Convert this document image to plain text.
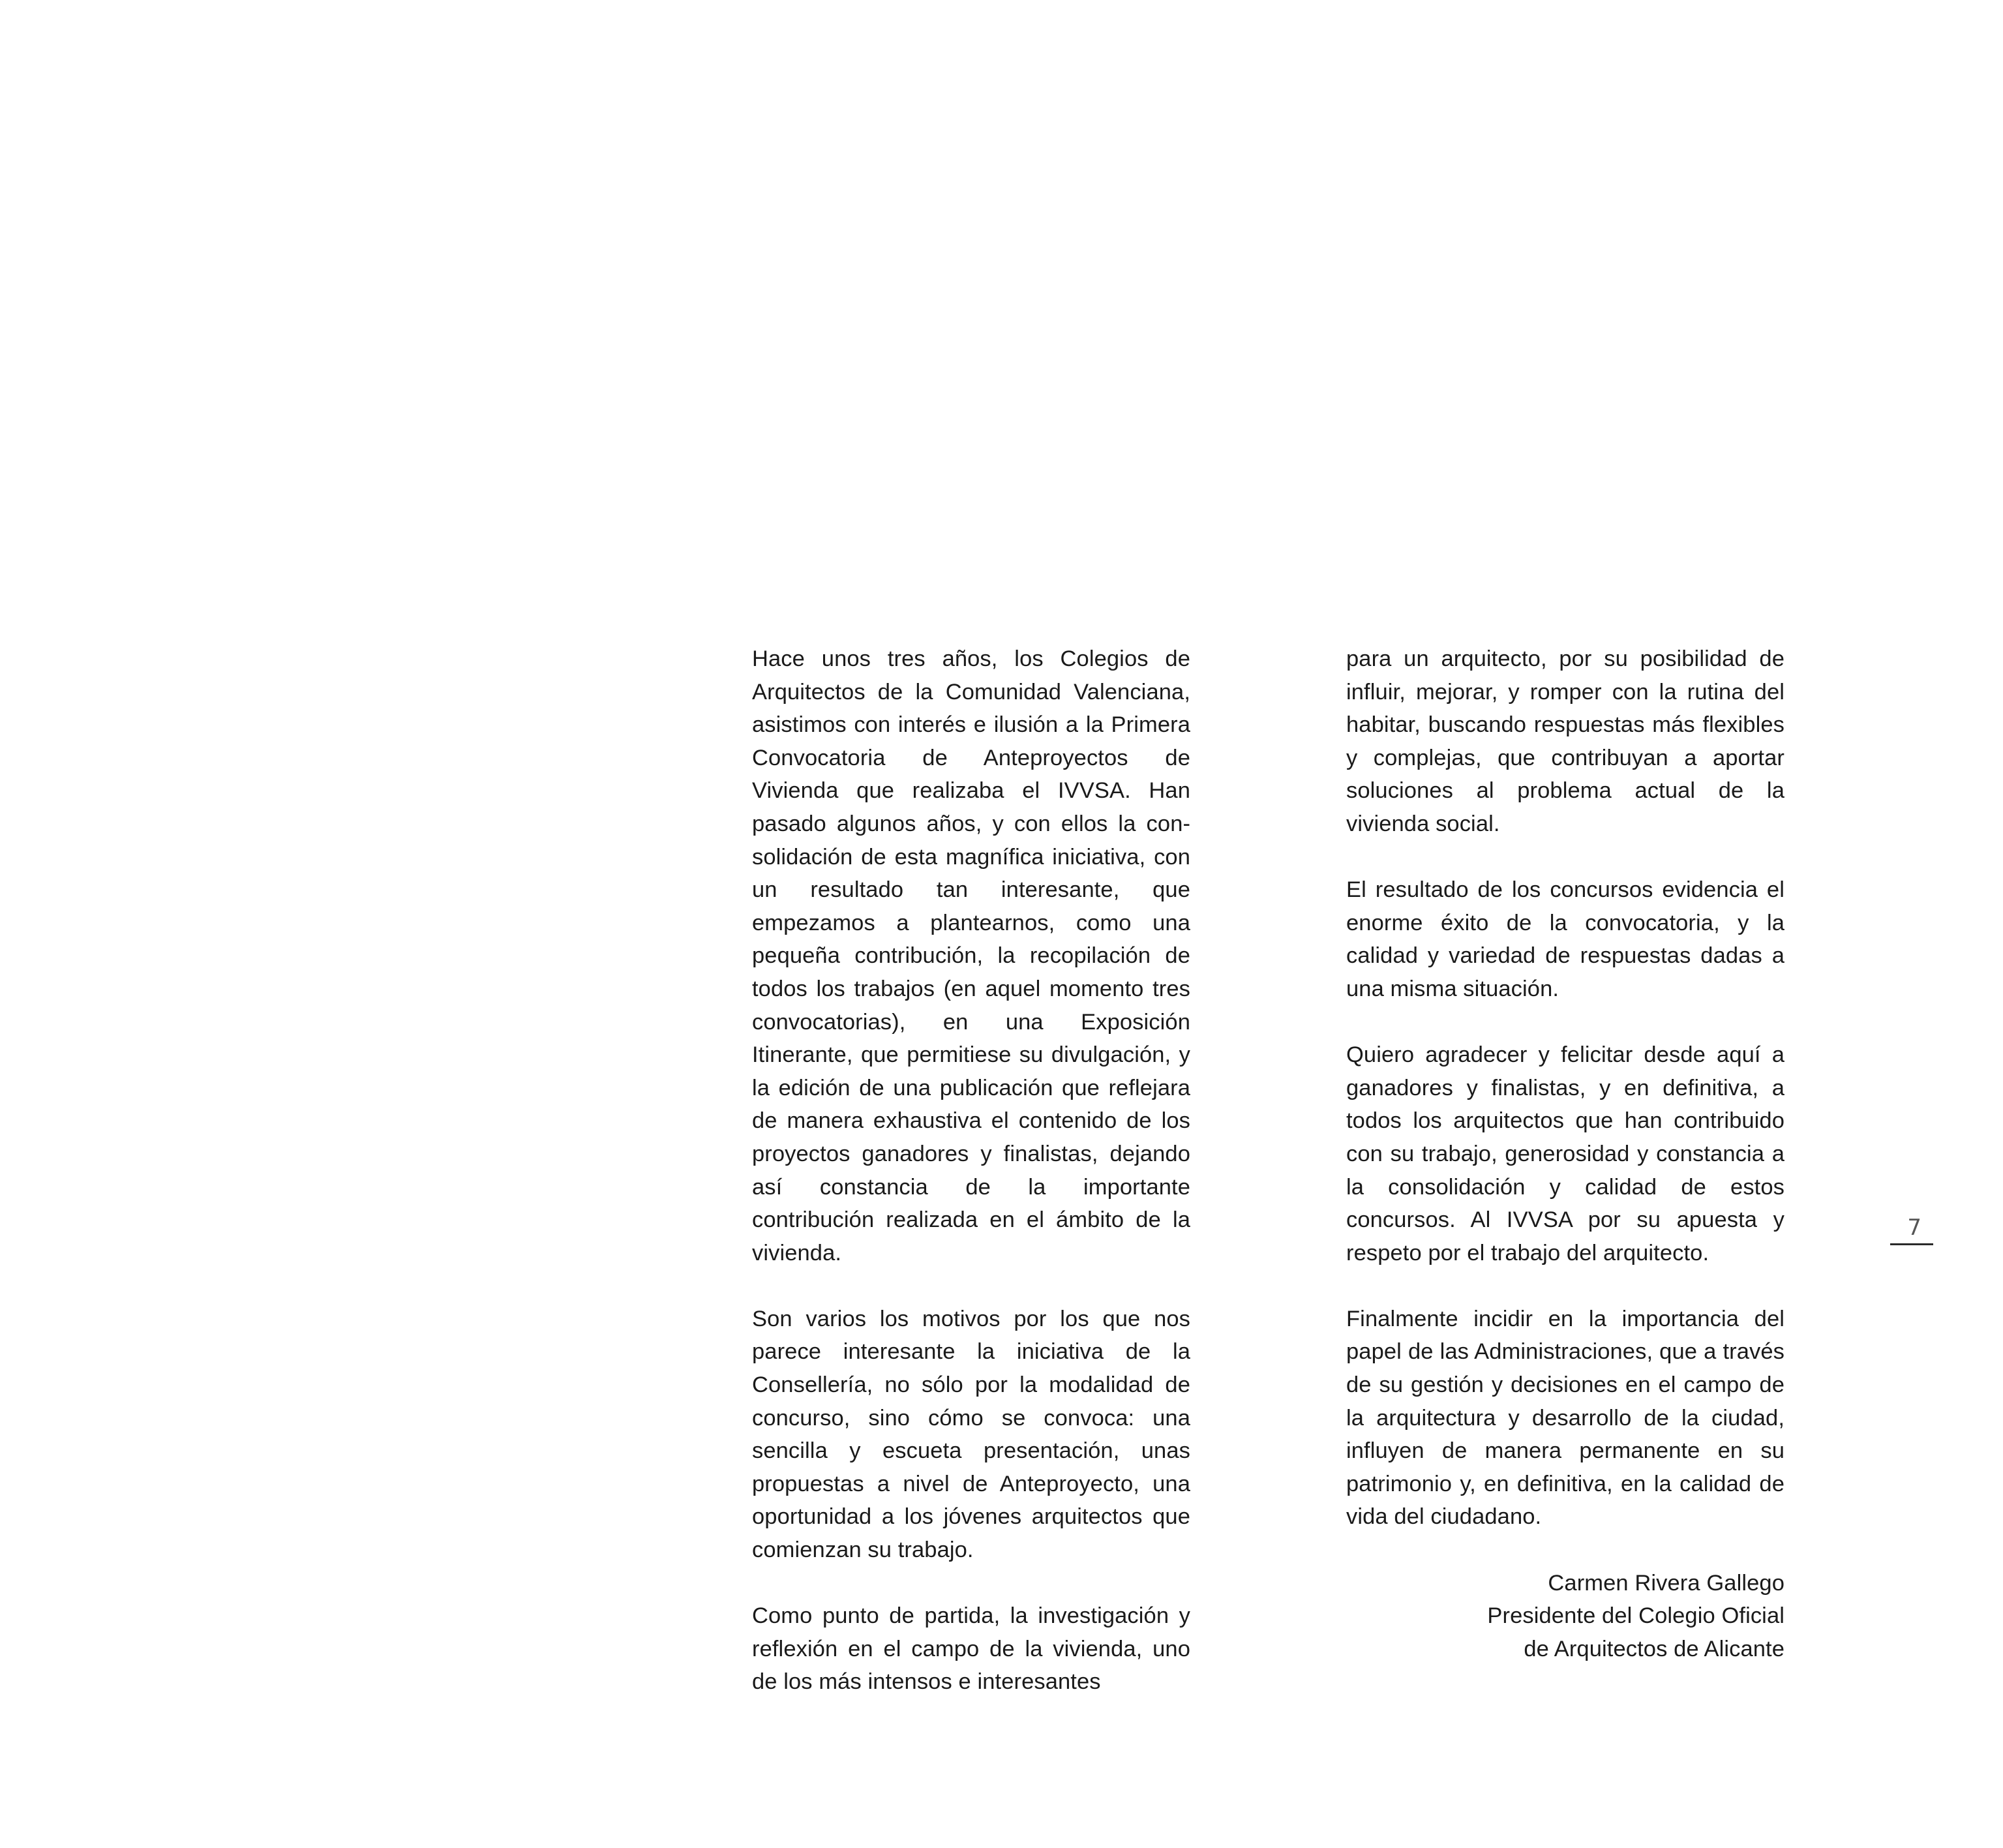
Hace unos tres años, los Colegios de Arquitectos de la Comunidad Valenciana, asistimos con interés e ilusión a la Primera Convocatoria de Anteproyectos de Vivienda que realizaba el IVVSA. Han pasado algunos años, y con ellos la consolidación de esta magnífica iniciativa, con un resultado tan interesante, que empezamos a plantearnos, como una pequeña contribución, la recopilación de todos los trabajos (en aquel momento tres convocatorias), en una Exposición Itinerante, que permitiese su divulgación, y la edición de una publicación que reflejara de manera exhaustiva el contenido de los proyectos ganadores y finalistas, dejando así constancia de la importante contribución realizada en el ámbito de la vivienda.

Son varios los motivos por los que nos parece interesante la iniciativa de la Consellería, no sólo por la modalidad de concurso, sino cómo se convoca: una sencilla y escueta presentación, unas propuestas a nivel de Anteproyecto, una oportunidad a los jóvenes arquitectos que comienzan su trabajo.

Como punto de partida, la investigación y reflexión en el campo de la vivienda, uno de los más intensos e interesantes

para un arquitecto, por su posibilidad de influir, mejorar, y romper con la rutina del habitar, buscando respuestas más flexibles y complejas, que contribuyan a aportar soluciones al problema actual de la vivienda social.

El resultado de los concursos evidencia el enorme éxito de la convocatoria, y la calidad y variedad de respuestas dadas a una misma situación.

Quiero agradecer y felicitar desde aquí a ganadores y finalistas, y en definitiva, a todos los arquitectos que han contribuido con su trabajo, generosidad y constancia a la consolidación y calidad de estos concursos. Al IVVSA por su apuesta y respeto por el trabajo del arquitecto.

Finalmente incidir en la importancia del papel de las Administraciones, que a través de su gestión y decisiones en el campo de la arquitectura y desarrollo de la ciudad, influyen de manera permanente en su patrimonio y, en definitiva, en la calidad de vida del ciudadano.

Carmen Rivera Gallego
Presidente del Colegio Oficial
de Arquitectos de Alicante
7
